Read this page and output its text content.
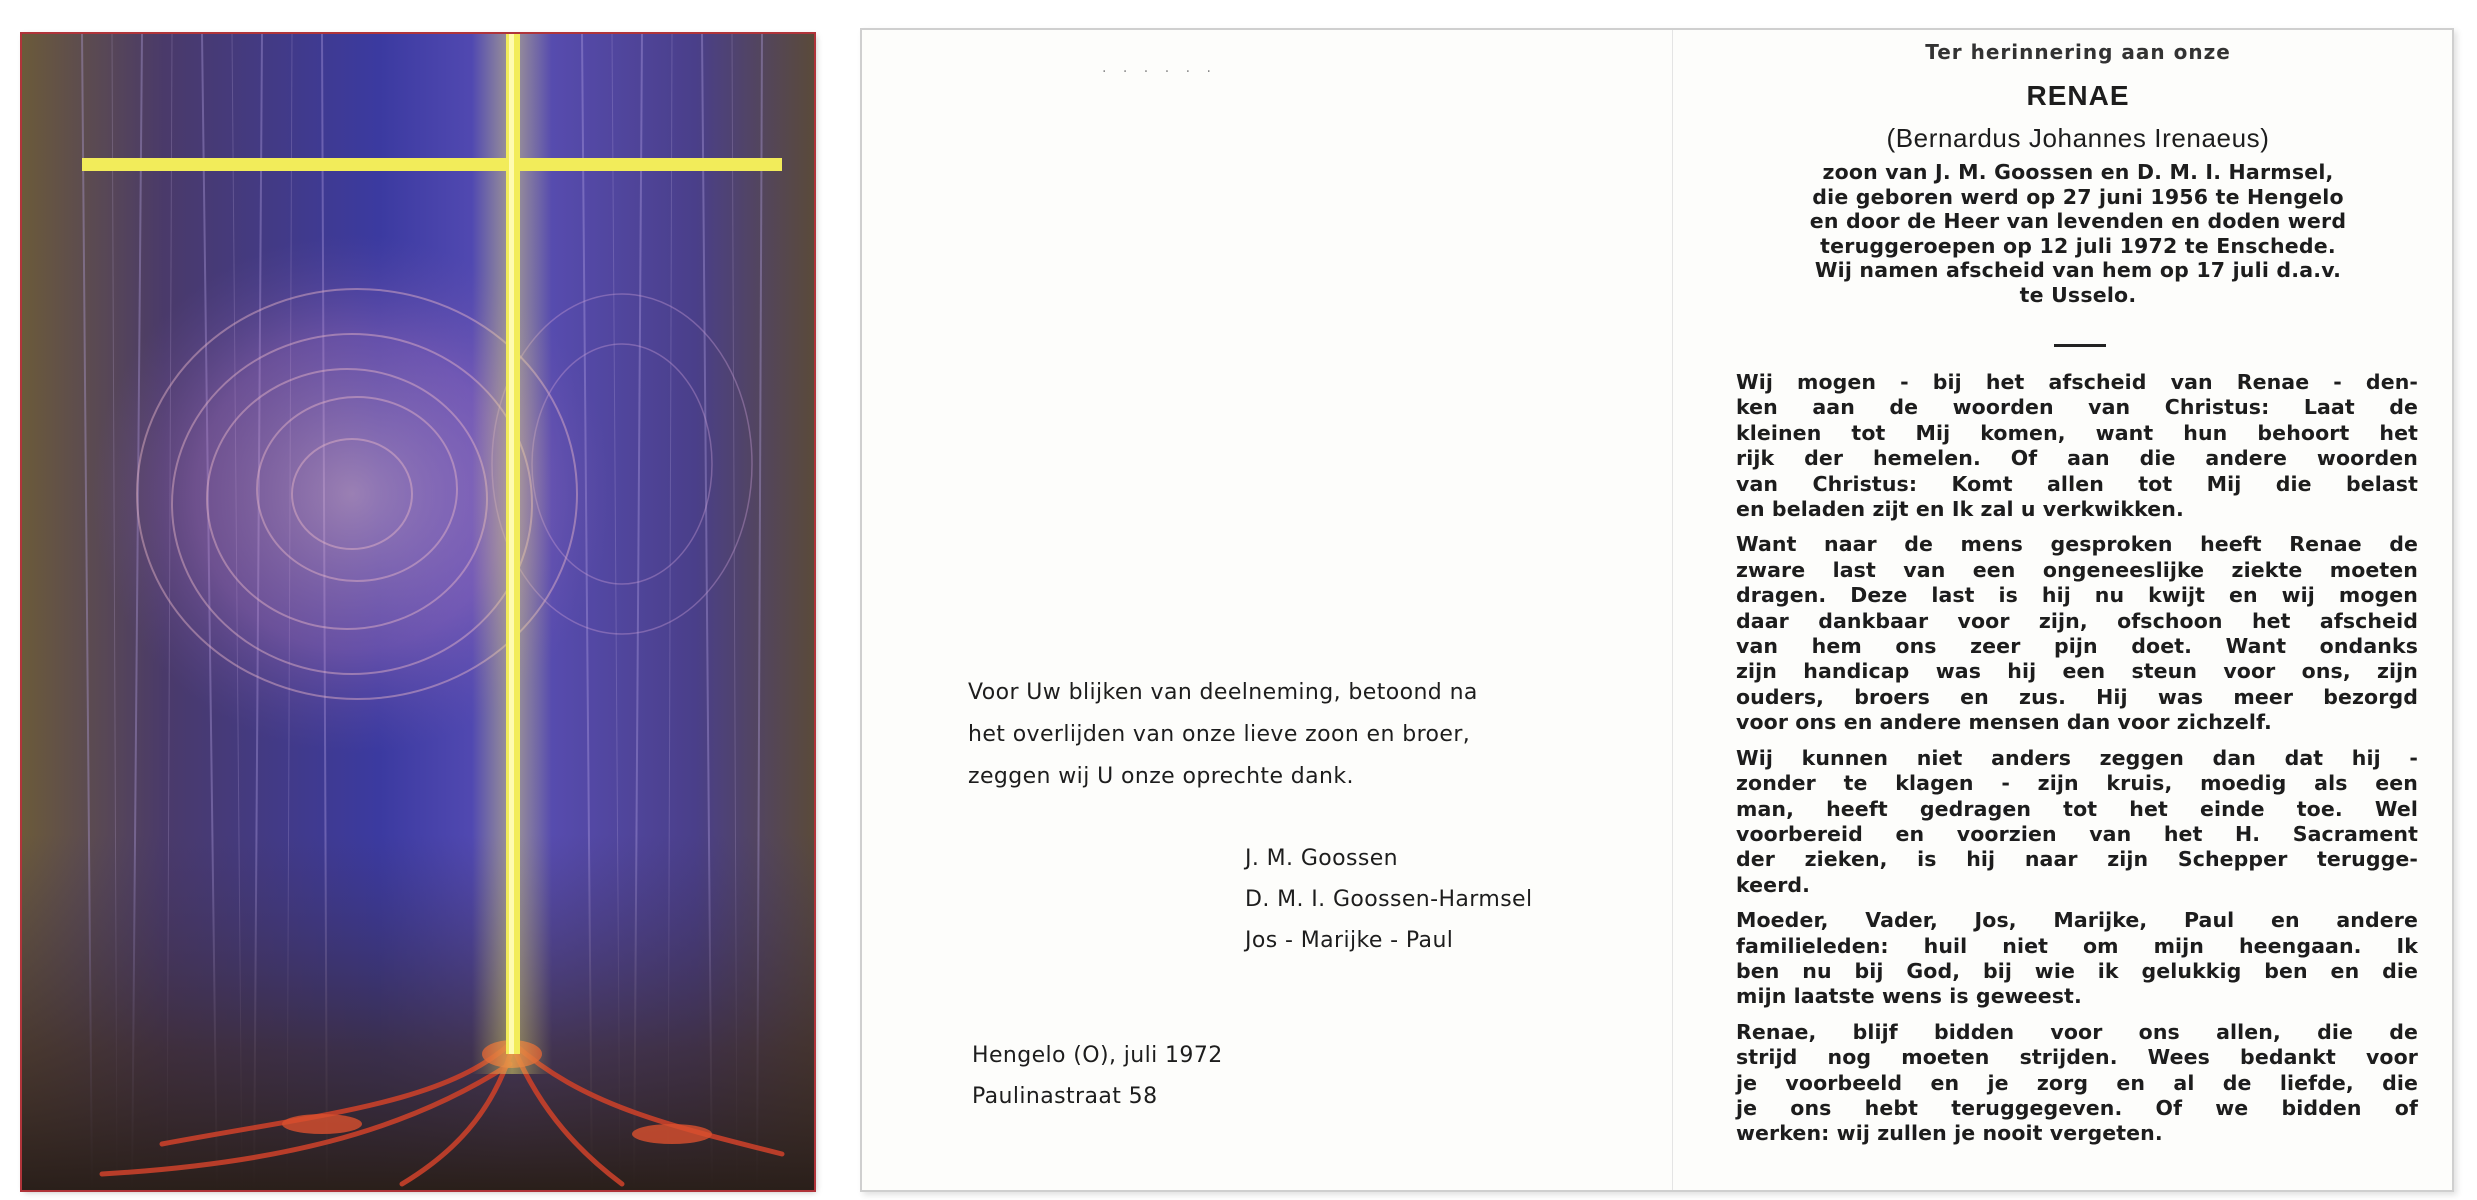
· · · · · ·

Voor Uw blijken van deelneming, betoond na

het overlijden van onze lieve zoon en broer,

zeggen wij U onze oprechte dank.

J. M. Goossen
D. M. I. Goossen-Harmsel
Jos - Marijke - Paul
Hengelo (O), juli 1972
Paulinastraat 58
Ter herinnering aan onze
RENAE
(Bernardus Johannes Irenaeus)
zoon van J. M. Goossen en D. M. I. Harmsel,
die geboren werd op 27 juni 1956 te Hengelo
en door de Heer van levenden en doden werd
teruggeroepen op 12 juli 1972 te Enschede.
Wij namen afscheid van hem op 17 juli d.a.v.
te Usselo.
Wij mogen - bij het afscheid van Renae - den-
ken aan de woorden van Christus: Laat de
kleinen tot Mij komen, want hun behoort het
rijk der hemelen. Of aan die andere woorden
van Christus: Komt allen tot Mij die belast
en beladen zijt en Ik zal u verkwikken.
Want naar de mens gesproken heeft Renae de
zware last van een ongeneeslijke ziekte moeten
dragen. Deze last is hij nu kwijt en wij mogen
daar dankbaar voor zijn, ofschoon het afscheid
van hem ons zeer pijn doet. Want ondanks
zijn handicap was hij een steun voor ons, zijn
ouders, broers en zus. Hij was meer bezorgd
voor ons en andere mensen dan voor zichzelf.
Wij kunnen niet anders zeggen dan dat hij -
zonder te klagen - zijn kruis, moedig als een
man, heeft gedragen tot het einde toe. Wel
voorbereid en voorzien van het H. Sacrament
der zieken, is hij naar zijn Schepper terugge-
keerd.
Moeder, Vader, Jos, Marijke, Paul en andere
familieleden: huil niet om mijn heengaan. Ik
ben nu bij God, bij wie ik gelukkig ben en die
mijn laatste wens is geweest.
Renae, blijf bidden voor ons allen, die de
strijd nog moeten strijden. Wees bedankt voor
je voorbeeld en je zorg en al de liefde, die
je ons hebt teruggegeven. Of we bidden of
werken: wij zullen je nooit vergeten.
